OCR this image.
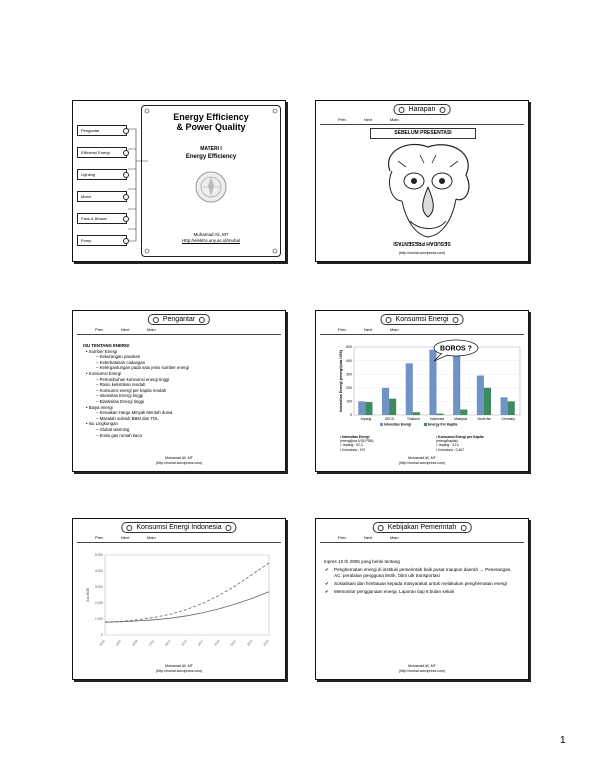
Pengantar
Efficiensi Energi
Lighting
Motor
Fans & Blower
Pump
Energy Efficiency
& Power Quality
MATERI I
Energy Efficiency
Muhamad Ali, MT
Http://elektro.uny.ac.id/muhal
Harapan
Prev	Next	Main
SEBELUM PRESENTASI
SESUDAH PRESENTASI
(http://muhal.wordpress.com)
Pengantar
Prev	Next	Main
ISU TENTANG ENERGI
• Sumber Energi
– Kekurangan pasokan
– Keterbatasan cadangan
– Ketergantungan pada satu jenis sumber energi
• Konsumsi Energi
– Pertumbuhan konsumsi energi tinggi
– Rasio kelistrikan rendah
– Konsumsi energi per kapita rendah
– Intensitas Energi tinggi
– Elastisitas Energi tinggi
• Biaya energi
– Kenaikan Harga Minyak Mentah dunia
– Masalah subsidi BBM dan TDL
• Isu Lingkungan
– Global warming
– Emisi gas rumah kaca
Muhamad Ali, MT
(http://muhal.wordpress.com)
Konsumsi Energi
Prev	Next	Main
0
100
200
300
400
500
Intensitas Energi (energi/juta US$)
Jepang	OECD	Thailand	Indonesia	Malaysia	North Am	Germany
Intensitas Energi	Energy Per Kapita
BOROS ?
• Intensitas Energi
(energi/juta US$ PDB)
• Jepang : 92,3
• Indonesia : 470
• Konsumsi Energi per Kapita
(energi/kapita)
• Jepang : 4,14
• Indonesia : 0,467
Muhamad Ali, MT
(http://muhal.wordpress.com)
Konsumsi Energi Indonesia
Prev	Next	Main
0
1,000
2,000
3,000
4,000
5,000
Juta BOE
2005	2007	2009	2011	2013	2015	2017	2019	2021	2023	2025
Muhamad Ali, MT
(http://muhal.wordpress.com)
Kebijakan Pemerintah
Prev	Next	Main
Inpres 10 th 2005 yang berisi tentang
✔ Penghematan energi di institusi pemerintah baik pusat maupun daerah → Penerangan, AC, peralatan pengguna listrik, bbm utk transportasi
✔ Sosialisasi dan himbauan kepada masyarakat untuk melakukan penghematan energi
✔ Memonitor penggunaan energi. Laporan tiap 6 bulan sekali
Muhamad Ali, MT
(http://muhal.wordpress.com)
1
